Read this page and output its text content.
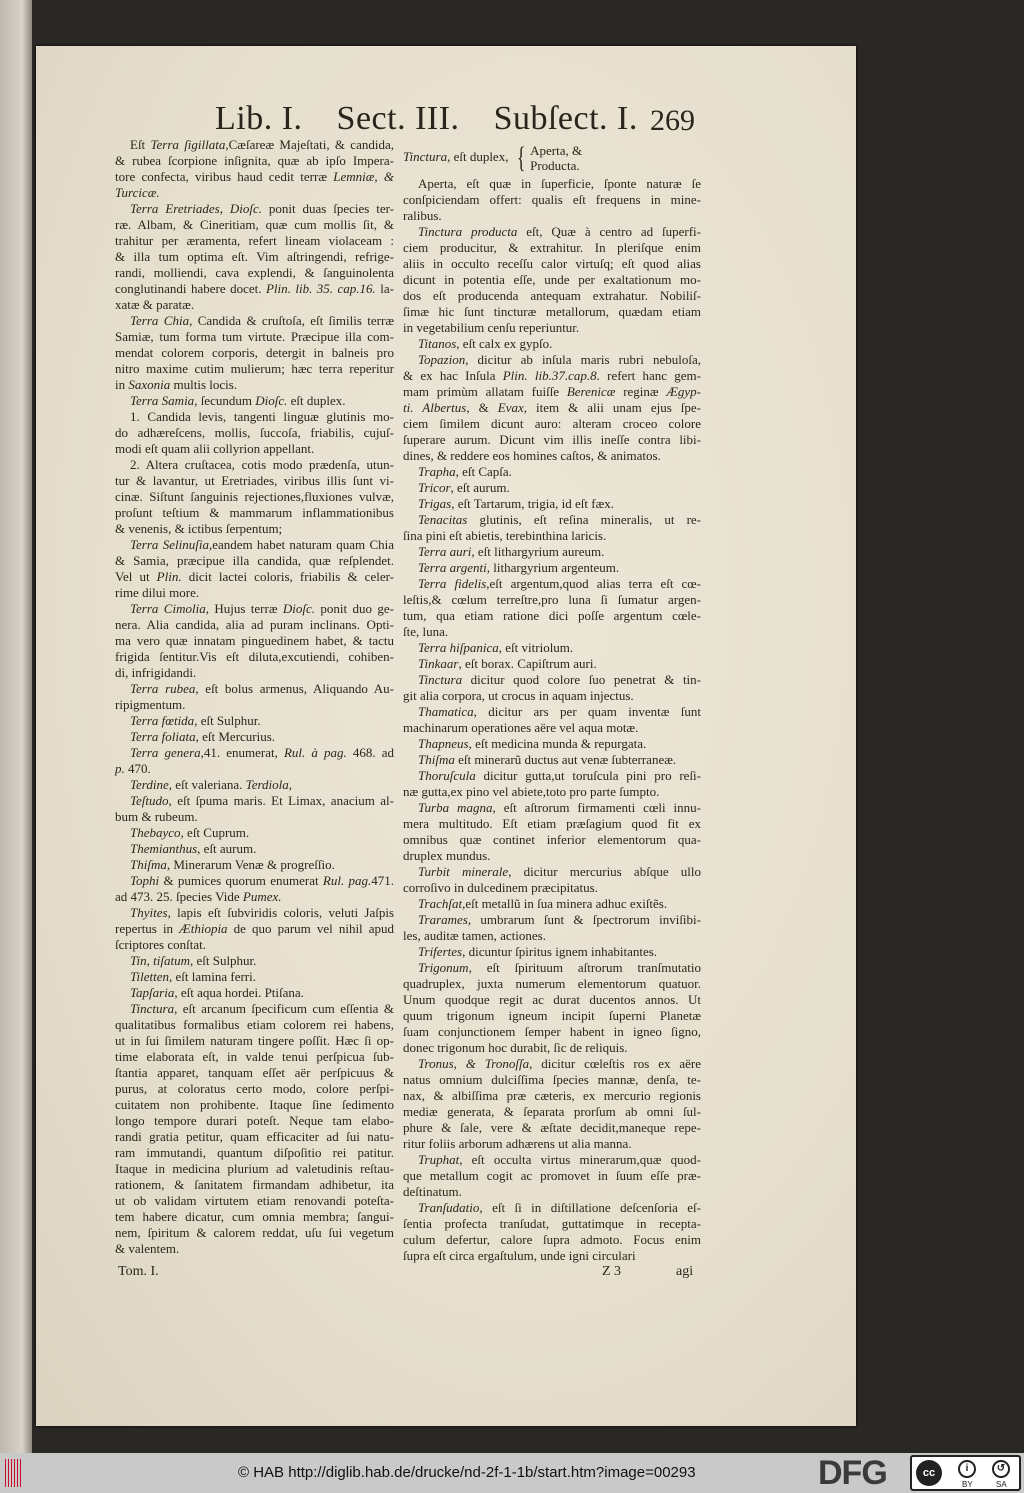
Lib. I. Sect. III. Subſect. I. 269
Eſt Terra ſigillata,Cæſareæ Majeſtati, & candida,
& rubea ſcorpione inſignita, quæ ab ipſo Impera-
tore confecta, viribus haud cedit terræ Lemniæ, &
Turcicæ.
Terra Eretriades, Dioſc. ponit duas ſpecies ter-
ræ. Albam, & Cineritiam, quæ cum mollis ſit, &
trahitur per æramenta, refert lineam violaceam :
& illa tum optima eſt. Vim aſtringendi, refrige-
randi, molliendi, cava explendi, & ſanguinolenta
conglutinandi habere docet. Plin. lib. 35. cap.16. la-
xatæ & paratæ.
Terra Chia, Candida & cruſtoſa, eſt ſimilis terræ
Samiæ, tum forma tum virtute. Præcipue illa com-
mendat colorem corporis, detergit in balneis pro
nitro maxime cutim mulierum; hæc terra reperitur
in Saxonia multis locis.
Terra Samia, ſecundum Dioſc. eſt duplex.
1. Candida levis, tangenti linguæ glutinis mo-
do adhæreſcens, mollis, ſuccoſa, friabilis, cujuſ-
modi eſt quam alii collyrion appellant.
2. Altera cruſtacea, cotis modo prædenſa, utun-
tur & lavantur, ut Eretriades, viribus illis ſunt vi-
cinæ. Siſtunt ſanguinis rejectiones,fluxiones vulvæ,
proſunt teſtium & mammarum inflammationibus
& venenis, & ictibus ſerpentum;
Terra Selinuſia,eandem habet naturam quam Chia
& Samia, præcipue illa candida, quæ reſplendet.
Vel ut Plin. dicit lactei coloris, friabilis & celer-
rime dilui more.
Terra Cimolia, Hujus terræ Dioſc. ponit duo ge-
nera. Alia candida, alia ad puram inclinans. Opti-
ma vero quæ innatam pinguedinem habet, & tactu
frigida ſentitur.Vis eſt diluta,excutiendi, cohiben-
di, infrigidandi.
Terra rubea, eſt bolus armenus, Aliquando Au-
ripigmentum.
Terra fœtida, eſt Sulphur.
Terra foliata, eſt Mercurius.
Terra genera,41. enumerat, Rul. à pag. 468. ad
p. 470.
Terdine, eſt valeriana. Terdiola,
Teſtudo, eſt ſpuma maris. Et Limax, anacium al-
bum & rubeum.
Thebayco, eſt Cuprum.
Themianthus, eſt aurum.
Thiſma, Minerarum Venæ & progreſſio.
Tophi & pumices quorum enumerat Rul. pag.471.
ad 473. 25. ſpecies Vide Pumex.
Thyites, lapis eſt ſubviridis coloris, veluti Jaſpis
repertus in Æthiopia de quo parum vel nihil apud
ſcriptores conſtat.
Tin, tiſatum, eſt Sulphur.
Tiletten, eſt lamina ferri.
Tapſaria, eſt aqua hordei. Ptiſana.
Tinctura, eſt arcanum ſpecificum cum eſſentia &
qualitatibus formalibus etiam colorem rei habens,
ut in ſui ſimilem naturam tingere poſſit. Hæc ſi op-
time elaborata eſt, in valde tenui perſpicua ſub-
ſtantia apparet, tanquam eſſet aër perſpicuus &
purus, at coloratus certo modo, colore perſpi-
cuitatem non prohibente. Itaque ſine ſedimento
longo tempore durari poteſt. Neque tam elabo-
randi gratia petitur, quam efficaciter ad ſui natu-
ram immutandi, quantum diſpoſitio rei patitur.
Itaque in medicina plurium ad valetudinis reſtau-
rationem, & ſanitatem firmandam adhibetur, ita
ut ob validam virtutem etiam renovandi poteſta-
tem habere dicatur, cum omnia membra; ſangui-
nem, ſpiritum & calorem reddat, uſu ſui vegetum
& valentem.
Tinctura, eſt duplex, { Aperta, &
Producta.
Aperta, eſt quæ in ſuperficie, ſponte naturæ ſe
conſpiciendam offert: qualis eſt frequens in mine-
ralibus.
Tinctura producta eſt, Quæ à centro ad ſuperfi-
ciem producitur, & extrahitur. In pleriſque enim
aliis in occulto receſſu calor virtuſq; eſt quod alias
dicunt in potentia eſſe, unde per exaltationum mo-
dos eſt producenda antequam extrahatur. Nobiliſ-
ſimæ hic ſunt tincturæ metallorum, quædam etiam
in vegetabilium cenſu reperiuntur.
Titanos, eſt calx ex gypſo.
Topazion, dicitur ab inſula maris rubri nebuloſa,
& ex hac Inſula Plin. lib.37.cap.8. refert hanc gem-
mam primùm allatam fuiſſe Berenicæ reginæ Ægyp-
ti. Albertus, & Evax, item & alii unam ejus ſpe-
ciem ſimilem dicunt auro: alteram croceo colore
ſuperare aurum. Dicunt vim illis ineſſe contra libi-
dines, & reddere eos homines caſtos, & animatos.
Trapha, eſt Capſa.
Tricor, eſt aurum.
Trigas, eſt Tartarum, trigia, id eſt fæx.
Tenacitas glutinis, eſt reſina mineralis, ut re-
ſina pini eſt abietis, terebinthina laricis.
Terra auri, eſt lithargyrium aureum.
Terra argenti, lithargyrium argenteum.
Terra fidelis,eſt argentum,quod alias terra eſt cœ-
leſtis,& cœlum terreſtre,pro luna ſi ſumatur argen-
tum, qua etiam ratione dici poſſe argentum cœle-
ſte, luna.
Terra hiſpanica, eſt vitriolum.
Tinkaar, eſt borax. Capiſtrum auri.
Tinctura dicitur quod colore ſuo penetrat & tin-
git alia corpora, ut crocus in aquam injectus.
Thamatica, dicitur ars per quam inventæ ſunt
machinarum operationes aëre vel aqua motæ.
Thapneus, eſt medicina munda & repurgata.
Thiſma eſt minerarũ ductus aut venæ ſubterraneæ.
Thoruſcula dicitur gutta,ut toruſcula pini pro reſi-
næ gutta,ex pino vel abiete,toto pro parte ſumpto.
Turba magna, eſt aſtrorum firmamenti cœli innu-
mera multitudo. Eſt etiam præſagium quod fit ex
omnibus quæ continet inferior elementorum qua-
druplex mundus.
Turbit minerale, dicitur mercurius abſque ullo
corroſivo in dulcedinem præcipitatus.
Trachſat,eſt metallũ in ſua minera adhuc exiſtẽs.
Trarames, umbrarum ſunt & ſpectrorum inviſibi-
les, auditæ tamen, actiones.
Trifertes, dicuntur ſpiritus ignem inhabitantes.
Trigonum, eſt ſpirituum aſtrorum tranſmutatio
quadruplex, juxta numerum elementorum quatuor.
Unum quodque regit ac durat ducentos annos. Ut
quum trigonum igneum incipit ſuperni Planetæ
ſuam conjunctionem ſemper habent in igneo ſigno,
donec trigonum hoc durabit, ſic de reliquis.
Tronus, & Tronoſſa, dicitur cœleſtis ros ex aëre
natus omnium dulciſſima ſpecies mannæ, denſa, te-
nax, & albiſſima præ cæteris, ex mercurio regionis
mediæ generata, & ſeparata prorſum ab omni ſul-
phure & ſale, vere & æſtate decidit,maneque repe-
ritur foliis arborum adhærens ut alia manna.
Truphat, eſt occulta virtus minerarum,quæ quod-
que metallum cogit ac promovet in ſuum eſſe præ-
deſtinatum.
Tranſudatio, eſt ſi in diſtillatione deſcenſoria eſ-
ſentia profecta tranſudat, guttatimque in recepta-
culum defertur, calore ſupra admoto. Focus enim
ſupra eſt circa ergaſtulum, unde igni circulari
Tom. I.	Z 3	agi
© HAB http://diglib.hab.de/drucke/nd-2f-1-1b/start.htm?image=00293	DFG	cc	i	↺
BY	SA
